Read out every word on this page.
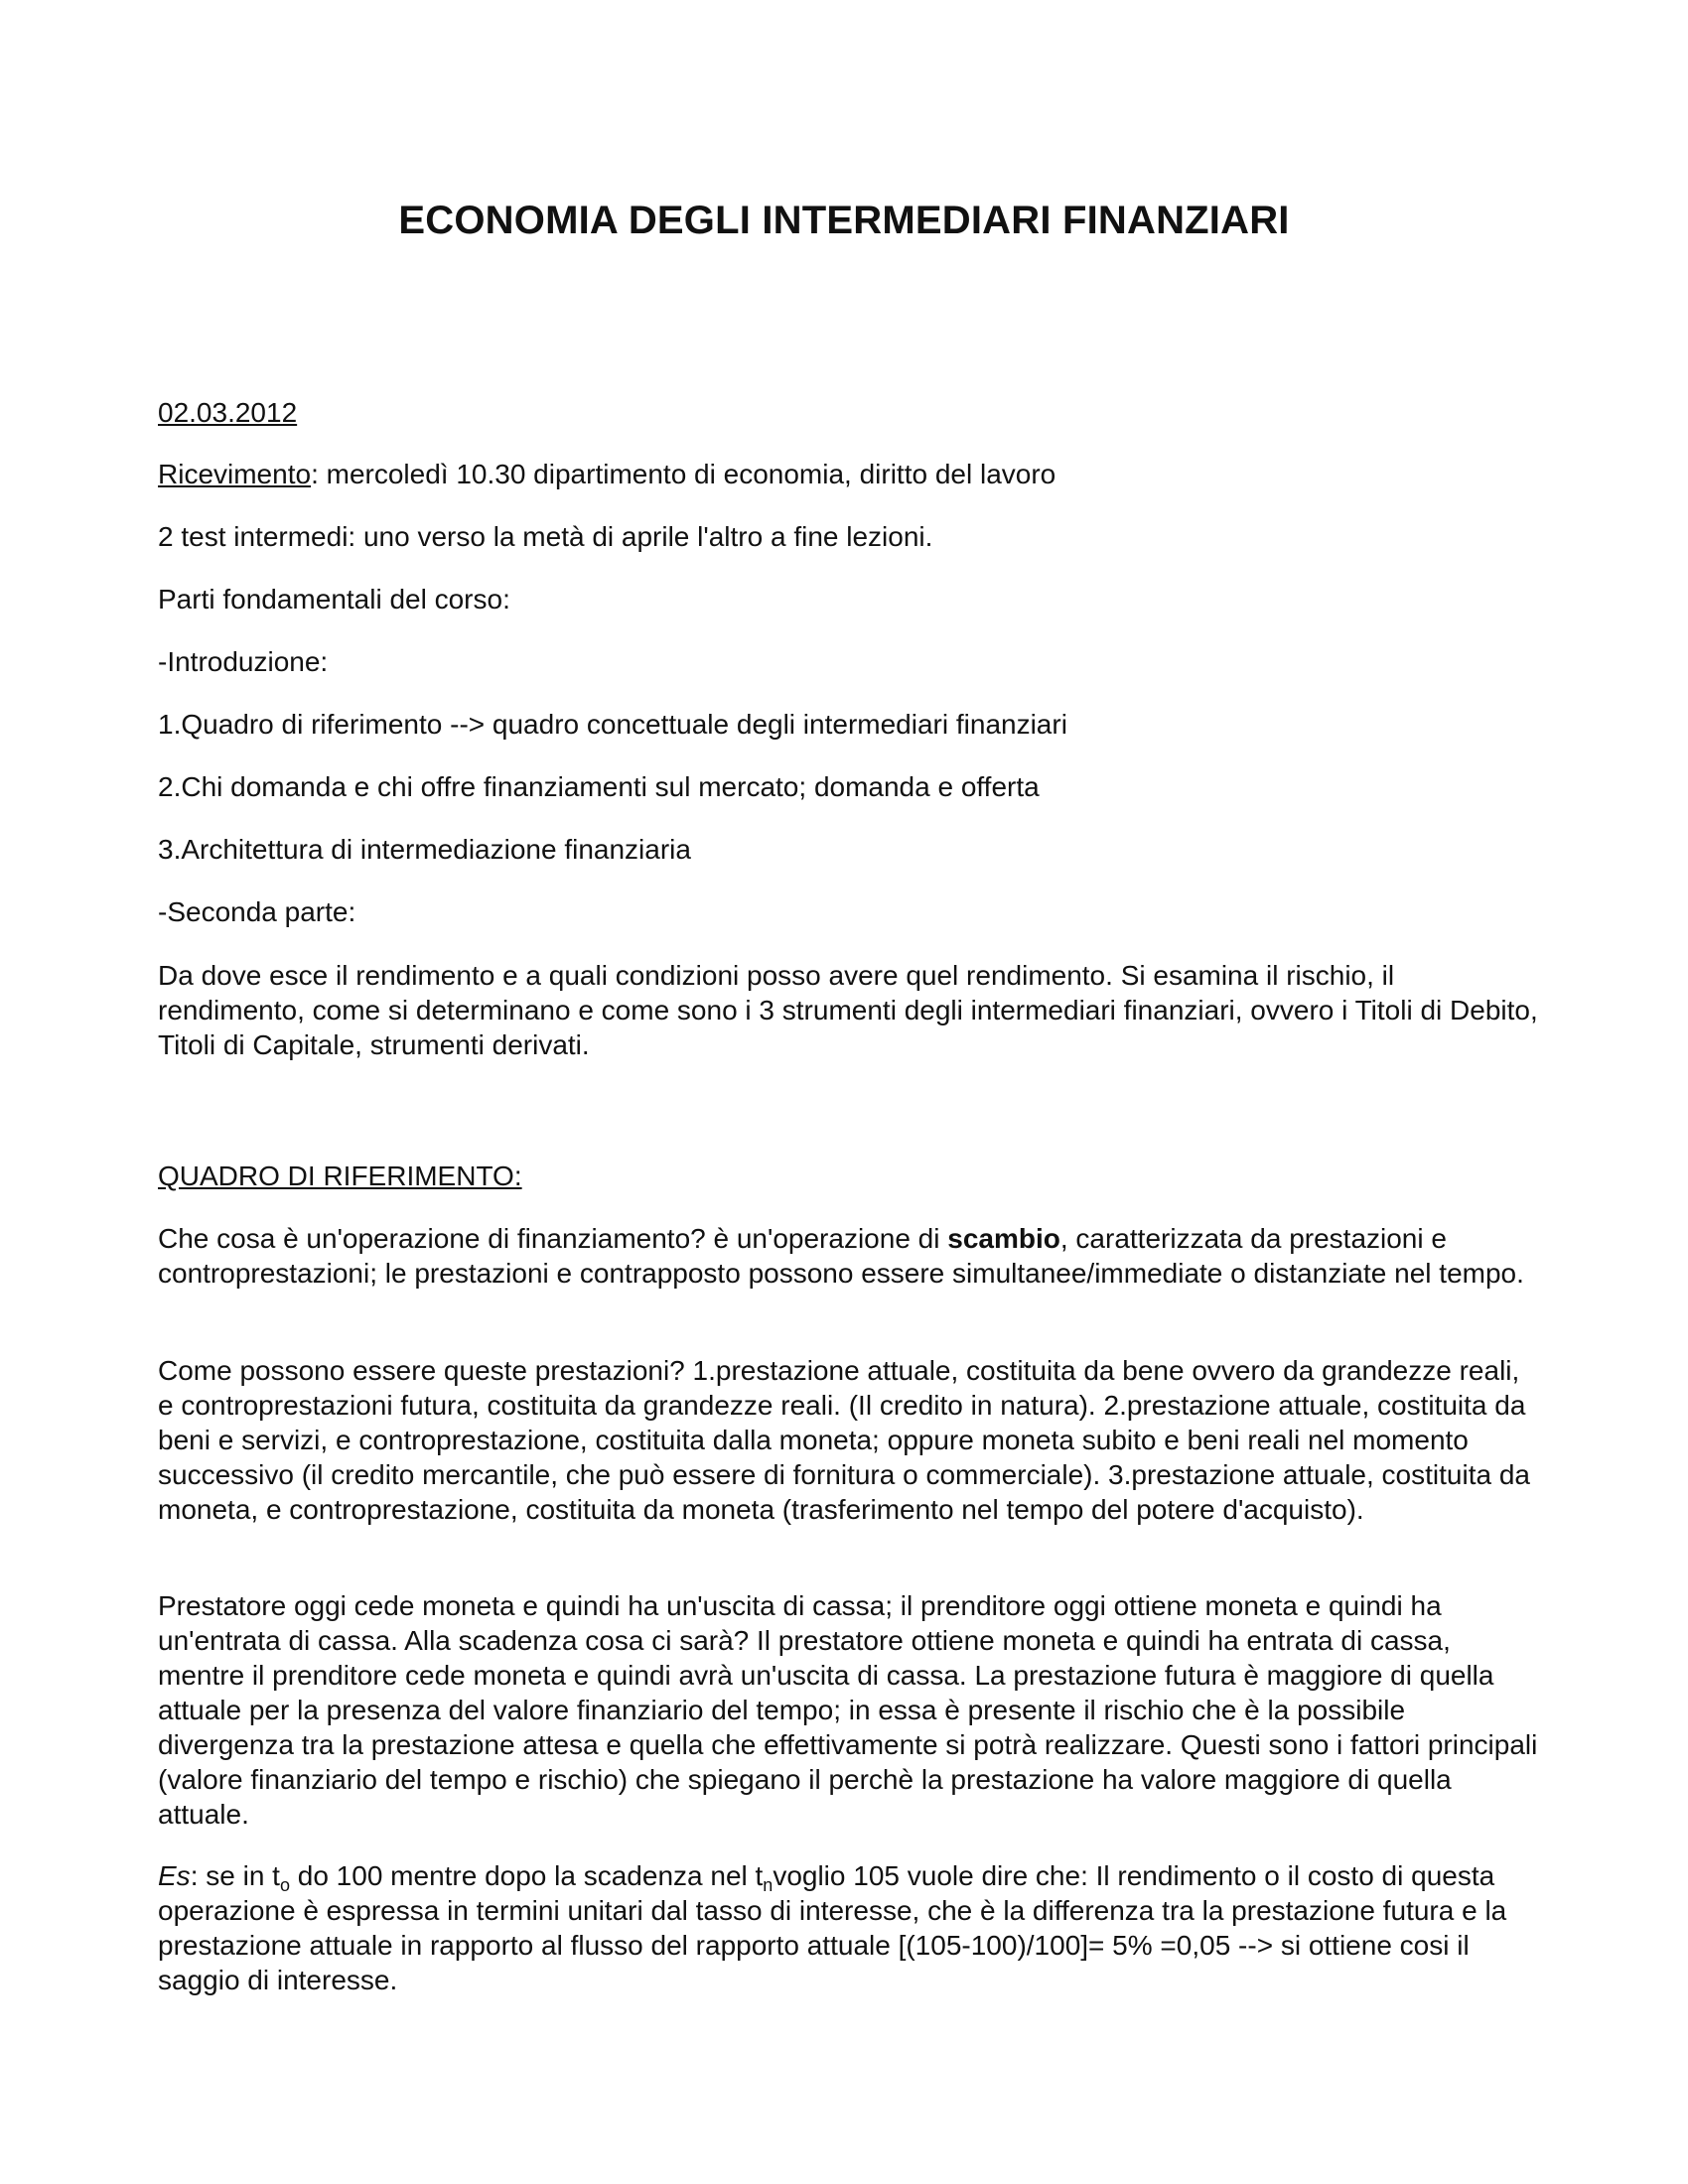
ECONOMIA DEGLI INTERMEDIARI FINANZIARI

02.03.2012

Ricevimento: mercoledì 10.30 dipartimento di economia, diritto del lavoro

2 test intermedi: uno verso la metà di aprile l'altro a fine lezioni.

Parti fondamentali del corso:

-Introduzione:

1.Quadro di riferimento --> quadro concettuale degli intermediari finanziari

2.Chi domanda e chi offre finanziamenti sul mercato; domanda e offerta

3.Architettura di intermediazione finanziaria

-Seconda parte:

Da dove esce il rendimento e a quali condizioni posso avere quel rendimento. Si esamina il rischio, il rendimento, come si determinano e come sono i 3 strumenti degli intermediari finanziari, ovvero i Titoli di Debito, Titoli di Capitale, strumenti derivati.

QUADRO DI RIFERIMENTO:

Che cosa è un'operazione di finanziamento? è un'operazione di scambio, caratterizzata da prestazioni e controprestazioni; le prestazioni e contrapposto possono essere simultanee/immediate o distanziate nel tempo.

Come possono essere queste prestazioni? 1.prestazione attuale, costituita da bene ovvero da grandezze reali, e controprestazioni futura, costituita da grandezze reali. (Il credito in natura). 2.prestazione attuale, costituita da beni e servizi, e controprestazione, costituita dalla moneta; oppure moneta subito e beni reali nel momento successivo (il credito mercantile, che può essere di fornitura o commerciale). 3.prestazione attuale, costituita da moneta, e controprestazione, costituita da moneta (trasferimento nel tempo del potere d'acquisto).

Prestatore oggi cede moneta e quindi ha un'uscita di cassa; il prenditore oggi ottiene moneta e quindi ha un'entrata di cassa. Alla scadenza cosa ci sarà? Il prestatore ottiene moneta e quindi ha entrata di cassa, mentre il prenditore cede moneta e quindi avrà un'uscita di cassa. La prestazione futura è maggiore di quella attuale per la presenza del valore finanziario del tempo; in essa è presente il rischio che è la possibile divergenza tra la prestazione attesa e quella che effettivamente si potrà realizzare. Questi sono i fattori principali (valore finanziario del tempo e rischio) che spiegano il perchè la prestazione ha valore maggiore di quella attuale.

Es: se in $t_o$ do 100 mentre dopo la scadenza nel $t_nvoglio$ 105 vuole dire che: Il rendimento o il costo di questa operazione è espressa in termini unitari dal tasso di interesse, che è la differenza tra la prestazione futura e la prestazione attuale in rapporto al flusso del rapporto attuale [(105-100)/100]= 5% =0,05 --> si ottiene cosi il saggio di interesse.
